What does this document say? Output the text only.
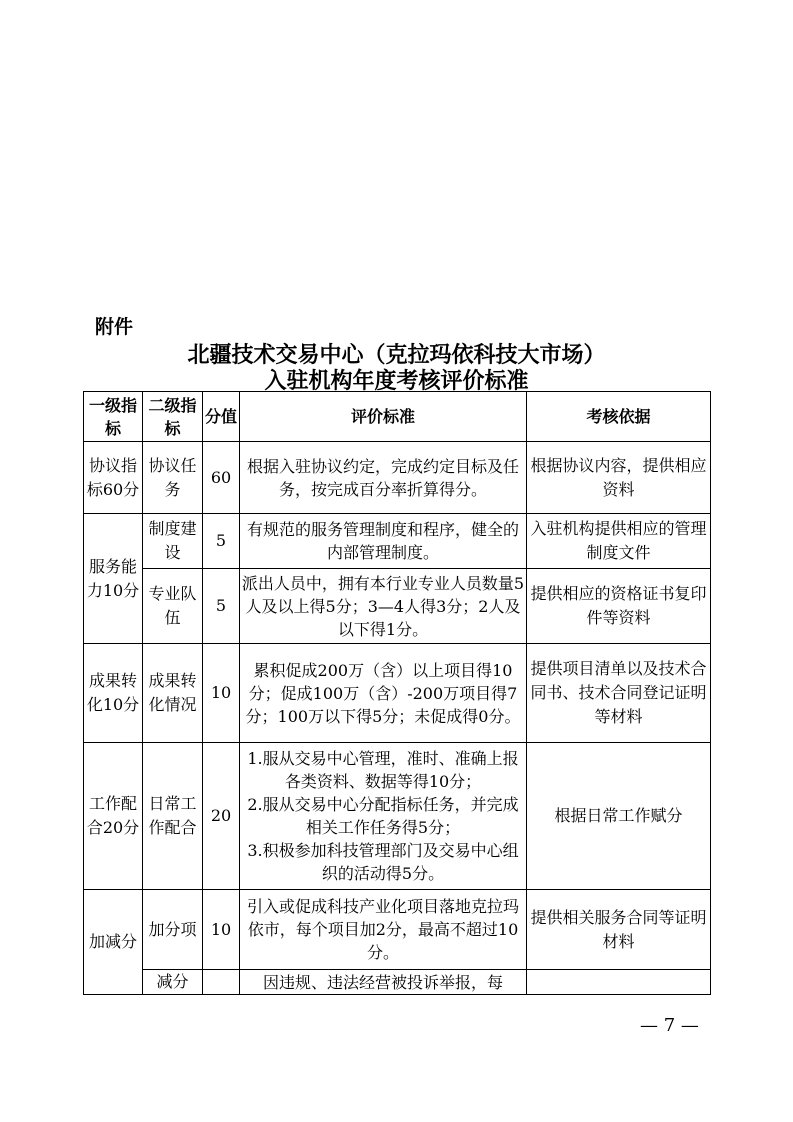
附件
北疆技术交易中心（克拉玛依科技大市场）
入驻机构年度考核评价标准
一级指标	二级指标	分值	评价标准	考核依据
协议指标60分	协议任务	60	根据入驻协议约定，完成约定目标及任务，按完成百分率折算得分。	根据协议内容，提供相应资料
服务能力10分	制度建设	5	有规范的服务管理制度和程序，健全的内部管理制度。	入驻机构提供相应的管理制度文件
	专业队伍	5	派出人员中，拥有本行业专业人员数量5人及以上得5分；3—4人得3分；2人及以下得1分。	提供相应的资格证书复印件等资料
成果转化10分	成果转化情况	10	累积促成200万（含）以上项目得10分；促成100万（含）-200万项目得7分；100万以下得5分；未促成得0分。	提供项目清单以及技术合同书、技术合同登记证明等材料
工作配合20分	日常工作配合	20	1.服从交易中心管理，准时、准确上报各类资料、数据等得10分；
2.服从交易中心分配指标任务，并完成相关工作任务得5分；
3.积极参加科技管理部门及交易中心组织的活动得5分。	根据日常工作赋分
加减分	加分项	10	引入或促成科技产业化项目落地克拉玛依市，每个项目加2分，最高不超过10分。	提供相关服务合同等证明材料
	减分		因违规、违法经营被投诉举报，每	
— 7 —
